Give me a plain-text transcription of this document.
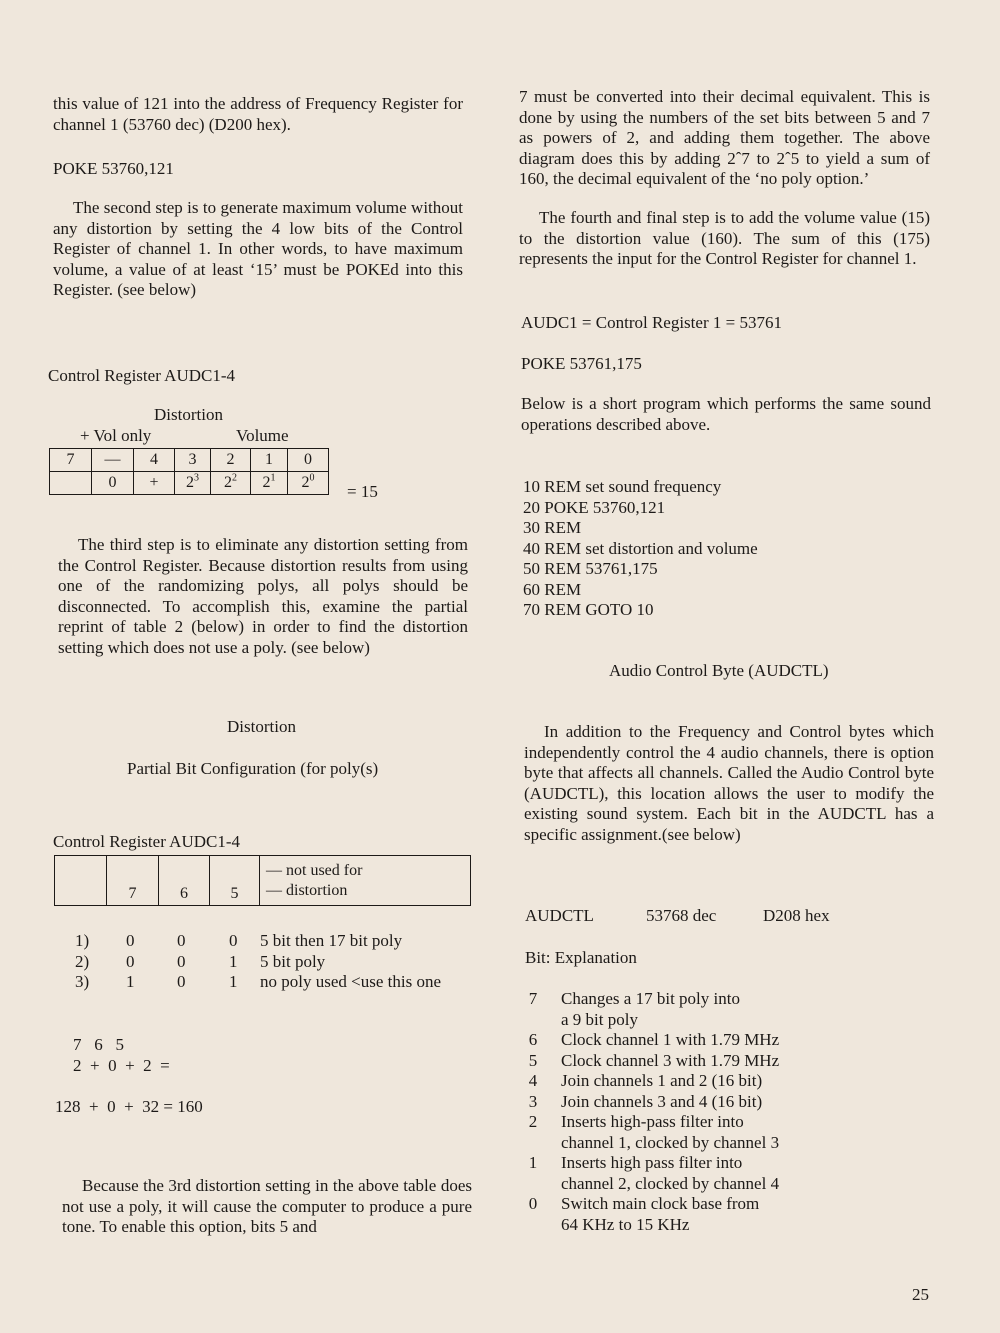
this value of 121 into the address of Frequency Register for channel 1 (53760 dec) (D200 hex).
POKE 53760,121
The second step is to generate maximum volume without any distortion by setting the 4 low bits of the Control Register of channel 1. In other words, to have maximum volume, a value of at least ‘15’ must be POKEd into this Register. (see below)
Control Register AUDC1-4
Distortion
+ Vol only	Volume
7	—	4	3	2	1	0
	0	+	$2^3$	$2^2$	$2^1$	$2^0$
= 15
The third step is to eliminate any distortion setting from the Control Register. Because distortion results from using one of the randomizing polys, all polys should be disconnected. To accomplish this, examine the partial reprint of table 2 (below) in order to find the distortion setting which does not use a poly. (see below)
Distortion
Partial Bit Configuration (for poly(s)
Control Register AUDC1-4
	7	6	5	
— not used for
— distortion
1) 0	0	0 5 bit then 17 bit poly
2) 0	0	1 5 bit poly
3) 1	0	1 no poly used <use this one
7   6   5
2  +  0  +  2  =
128  +  0  +  32 = 160
Because the 3rd distortion setting in the above table does not use a poly, it will cause the computer to produce a pure tone. To enable this option, bits 5 and
7 must be converted into their decimal equivalent. This is done by using the numbers of the set bits between 5 and 7 as powers of 2, and adding them together. The above diagram does this by adding 2ˆ7 to 2ˆ5 to yield a sum of 160, the decimal equivalent of the ‘no poly option.’
The fourth and final step is to add the volume value (15) to the distortion value (160). The sum of this (175) represents the input for the Control Register for channel 1.
AUDC1 = Control Register 1 = 53761
POKE 53761,175
Below is a short program which performs the same sound operations described above.
10 REM set sound frequency
20 POKE 53760,121
30 REM
40 REM set distortion and volume
50 REM 53761,175
60 REM
70 REM GOTO 10
Audio Control Byte (AUDCTL)
In addition to the Frequency and Control bytes which independently control the 4 audio channels, there is option byte that affects all channels. Called the Audio Control byte (AUDCTL), this location allows the user to modify the existing sound system. Each bit in the AUDCTL has a specific assignment.(see below)
AUDCTL	53768 dec	D208 hex
Bit: Explanation
7 Changes a 17 bit poly into
a 9 bit poly
6 Clock channel 1 with 1.79 MHz
5 Clock channel 3 with 1.79 MHz
4 Join channels 1 and 2 (16 bit)
3 Join channels 3 and 4 (16 bit)
2 Inserts high-pass filter into
channel 1, clocked by channel 3
1 Inserts high pass filter into
channel 2, clocked by channel 4
0 Switch main clock base from
64 KHz to 15 KHz
25
